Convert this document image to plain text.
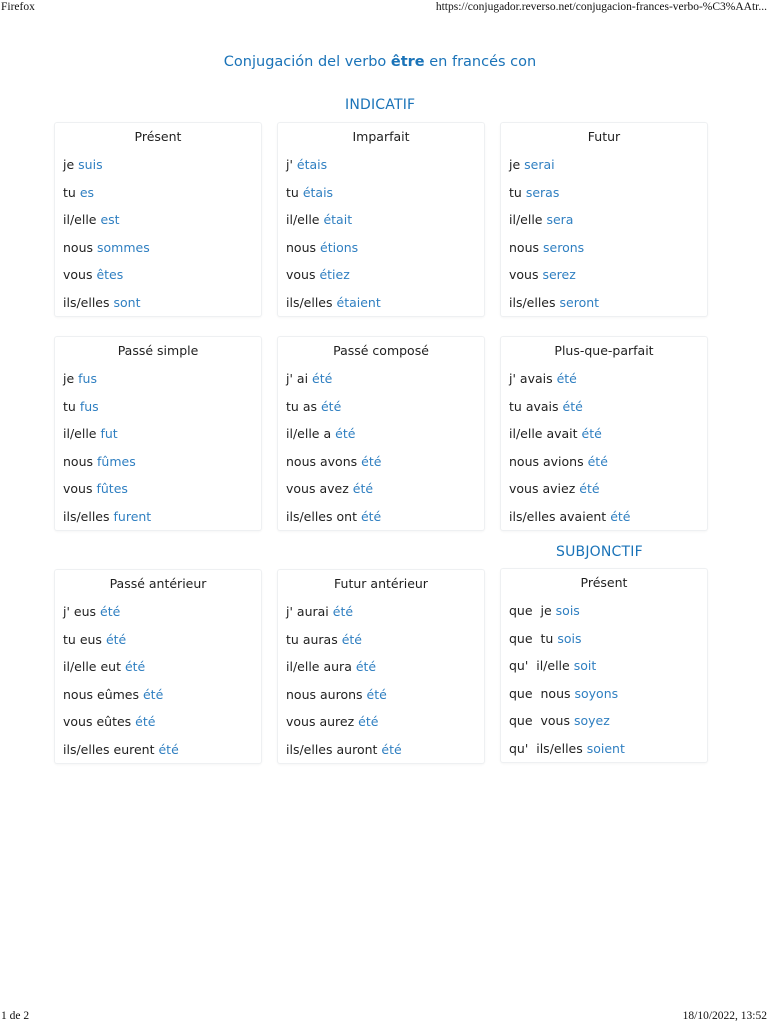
Firefox	https://conjugador.reverso.net/conjugacion-frances-verbo-%C3%AAtr...
Conjugación del verbo être en francés con
INDICATIF
SUBJONCTIF
Présent
je suis
tu es
il/elle est
nous sommes
vous êtes
ils/elles sont
Imparfait
j' étais
tu étais
il/elle était
nous étions
vous étiez
ils/elles étaient
Futur
je serai
tu seras
il/elle sera
nous serons
vous serez
ils/elles seront
Passé simple
je fus
tu fus
il/elle fut
nous fûmes
vous fûtes
ils/elles furent
Passé composé
j' ai été
tu as été
il/elle a été
nous avons été
vous avez été
ils/elles ont été
Plus-que-parfait
j' avais été
tu avais été
il/elle avait été
nous avions été
vous aviez été
ils/elles avaient été
Passé antérieur
j' eus été
tu eus été
il/elle eut été
nous eûmes été
vous eûtes été
ils/elles eurent été
Futur antérieur
j' aurai été
tu auras été
il/elle aura été
nous aurons été
vous aurez été
ils/elles auront été
Présent
que  je sois
que  tu sois
qu'  il/elle soit
que  nous soyons
que  vous soyez
qu'  ils/elles soient
1 de 2	18/10/2022, 13:52
